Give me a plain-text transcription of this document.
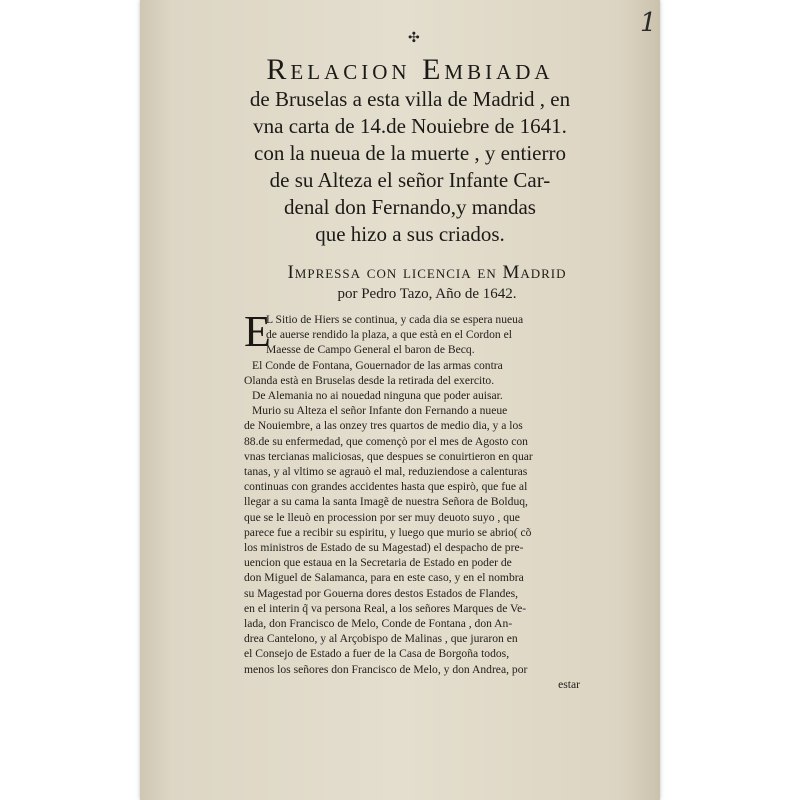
1
✣
Relacion Embiada
de Bruselas a esta villa de Madrid , en
vna carta de 14.de Nouiebre de 1641.
con la nueua de la muerte , y entierro
de su Alteza el señor Infante Car-
denal don Fernando,y mandas
que hizo a sus criados.
Impressa con licencia en Madrid
por Pedro Tazo, Año de 1642.
E

L Sitio de Hiers se continua, y cada dia se espera nueua

de auerse rendido la plaza, a que està en el Cordon el

Maesse de Campo General el baron de Becq.

El Conde de Fontana, Gouernador de las armas contra

Olanda està en Bruselas desde la retirada del exercito.

De Alemania no ai nouedad ninguna que poder auisar.

Murio su Alteza el señor Infante don Fernando a nueue

de Nouiembre, a las onzey tres quartos de medio dia, y a los

88.de su enfermedad, que començò por el mes de Agosto con

vnas tercianas maliciosas, que despues se conuirtieron en quar

tanas, y al vltimo se agrauò el mal, reduziendose a calenturas

continuas con grandes accidentes hasta que espirò, que fue al

llegar a su cama la santa Imagẽ de nuestra Señora de Bolduq,

que se le lleuò en procession por ser muy deuoto suyo , que

parece fue a recibir su espiritu, y luego que murio se abrio( cõ

los ministros de Estado de su Magestad) el despacho de pre-

uencion que estaua en la Secretaria de Estado en poder de

don Miguel de Salamanca, para en este caso, y en el nombra

su Magestad por Gouerna dores destos Estados de Flandes,

en el interin q̃ va persona Real, a los señores Marques de Ve-

lada, don Francisco de Melo, Conde de Fontana , don An-

drea Cantelono, y al Arçobispo de Malinas , que juraron en

el Consejo de Estado a fuer de la Casa de Borgoña todos,

menos los señores don Francisco de Melo, y don Andrea, por

estar
